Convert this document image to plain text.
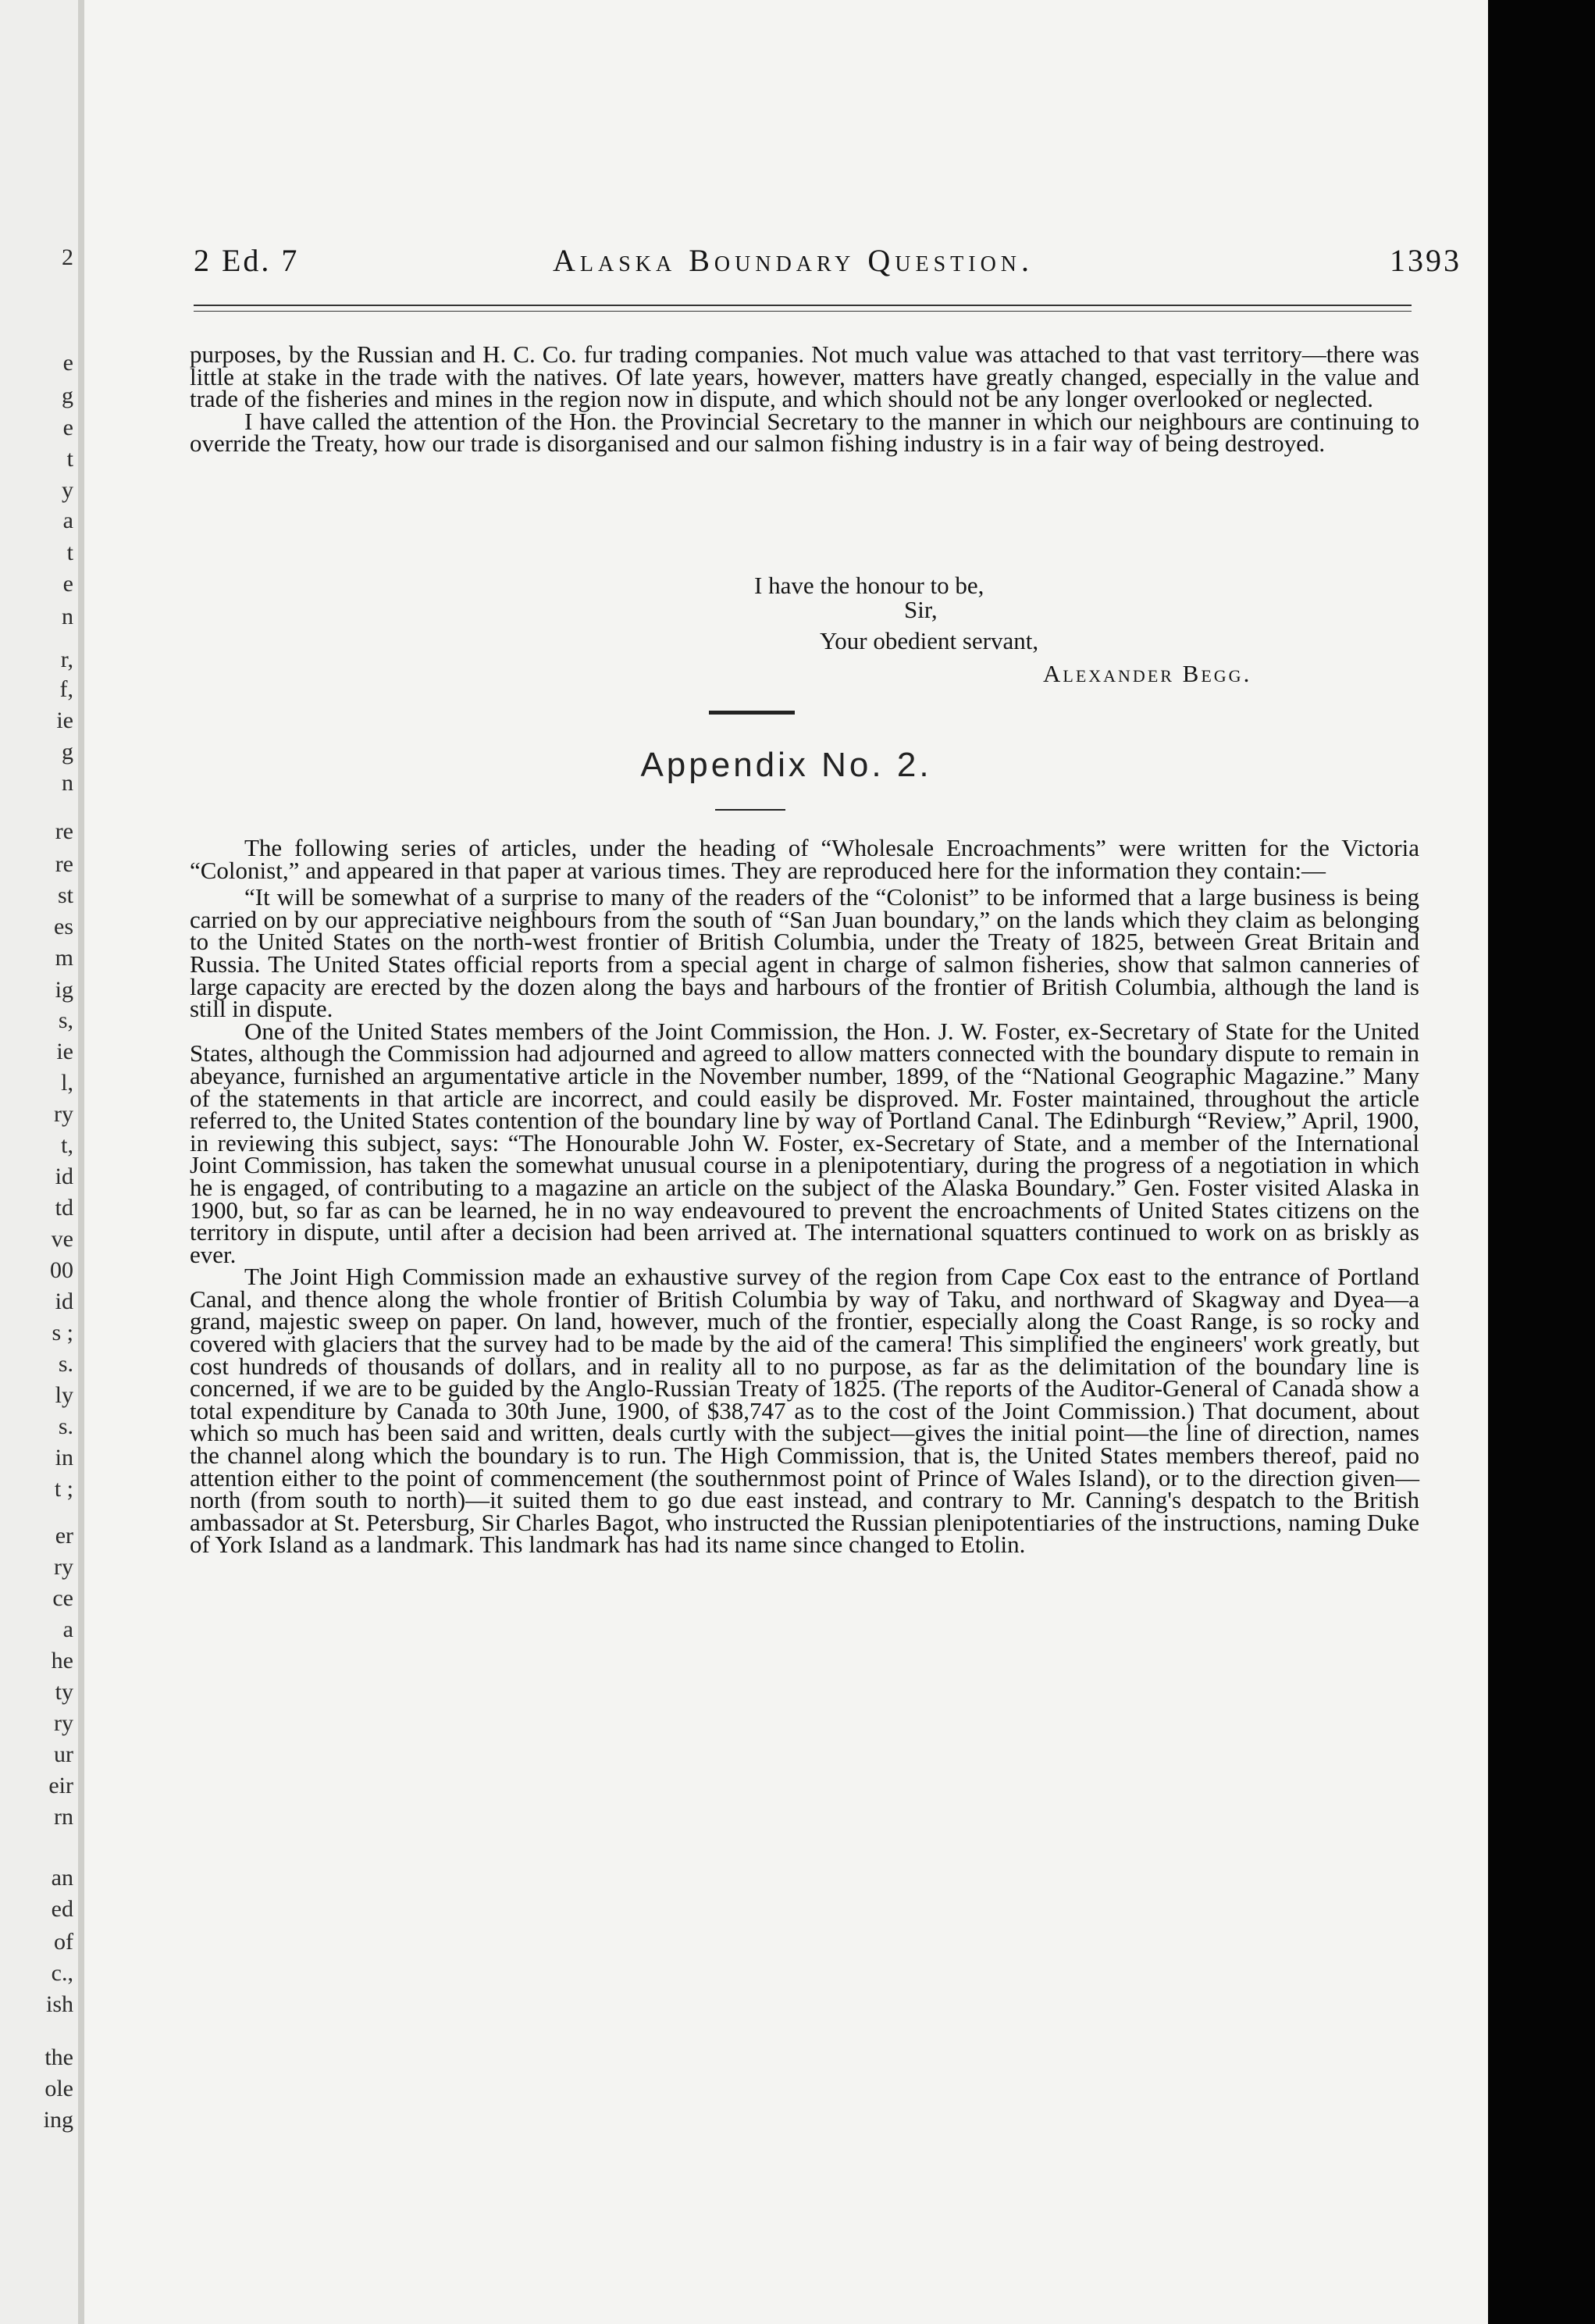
2
e
g
e
t
y
a
t
e
n
r,
f,
ie
g
n
re
re
st
es
m
ig
s,
ie
l,
ry
t,
id
td
ve
00
id
s ;
s.
ly
s.
in
t ;
er
ry
ce
a
he
ty
ry
ur
eir
rn
an
ed
of
c.,
ish
the
ole
ing
2 Ed. 7	Alaska Boundary Question.	1393

purposes, by the Russian and H. C. Co. fur trading companies. Not much value was attached to that vast territory—there was little at stake in the trade with the natives. Of late years, however, matters have greatly changed, especially in the value and trade of the fisheries and mines in the region now in dispute, and which should not be any longer overlooked or neglected.

I have called the attention of the Hon. the Provincial Secretary to the manner in which our neighbours are continuing to override the Treaty, how our trade is disorganised and our salmon fishing industry is in a fair way of being destroyed.

I have the honour to be,
Sir,
Your obedient servant,
Alexander Begg.
Appendix No. 2.

The following series of articles, under the heading of “Wholesale Encroachments” were written for the Victoria “Colonist,” and appeared in that paper at various times. They are reproduced here for the information they contain:—

“It will be somewhat of a surprise to many of the readers of the “Colonist” to be informed that a large business is being carried on by our appreciative neighbours from the south of “San Juan boundary,” on the lands which they claim as belonging to the United States on the north-west frontier of British Columbia, under the Treaty of 1825, between Great Britain and Russia. The United States official reports from a special agent in charge of salmon fisheries, show that salmon canneries of large capacity are erected by the dozen along the bays and harbours of the frontier of British Columbia, although the land is still in dispute.

One of the United States members of the Joint Commission, the Hon. J. W. Foster, ex-Secretary of State for the United States, although the Commission had adjourned and agreed to allow matters connected with the boundary dispute to remain in abeyance, furnished an argumentative article in the November number, 1899, of the “National Geographic Magazine.” Many of the statements in that article are incorrect, and could easily be disproved. Mr. Foster maintained, throughout the article referred to, the United States contention of the boundary line by way of Portland Canal. The Edinburgh “Review,” April, 1900, in reviewing this subject, says: “The Honourable John W. Foster, ex-Secretary of State, and a member of the International Joint Commission, has taken the somewhat unusual course in a plenipotentiary, during the progress of a negotiation in which he is engaged, of contributing to a magazine an article on the subject of the Alaska Boundary.” Gen. Foster visited Alaska in 1900, but, so far as can be learned, he in no way endeavoured to prevent the encroachments of United States citizens on the territory in dispute, until after a decision had been arrived at. The international squatters continued to work on as briskly as ever.

The Joint High Commission made an exhaustive survey of the region from Cape Cox east to the entrance of Portland Canal, and thence along the whole frontier of British Columbia by way of Taku, and northward of Skagway and Dyea—a grand, majestic sweep on paper. On land, however, much of the frontier, especially along the Coast Range, is so rocky and covered with glaciers that the survey had to be made by the aid of the camera! This simplified the engineers' work greatly, but cost hundreds of thousands of dollars, and in reality all to no purpose, as far as the delimitation of the boundary line is concerned, if we are to be guided by the Anglo-Russian Treaty of 1825. (The reports of the Auditor-General of Canada show a total expenditure by Canada to 30th June, 1900, of $38,747 as to the cost of the Joint Commission.) That document, about which so much has been said and written, deals curtly with the subject—gives the initial point—the line of direction, names the channel along which the boundary is to run. The High Commission, that is, the United States members thereof, paid no attention either to the point of commencement (the southernmost point of Prince of Wales Island), or to the direction given—north (from south to north)—it suited them to go due east instead, and contrary to Mr. Canning's despatch to the British ambassador at St. Petersburg, Sir Charles Bagot, who instructed the Russian plenipotentiaries of the instructions, naming Duke of York Island as a landmark. This landmark has had its name since changed to Etolin.
